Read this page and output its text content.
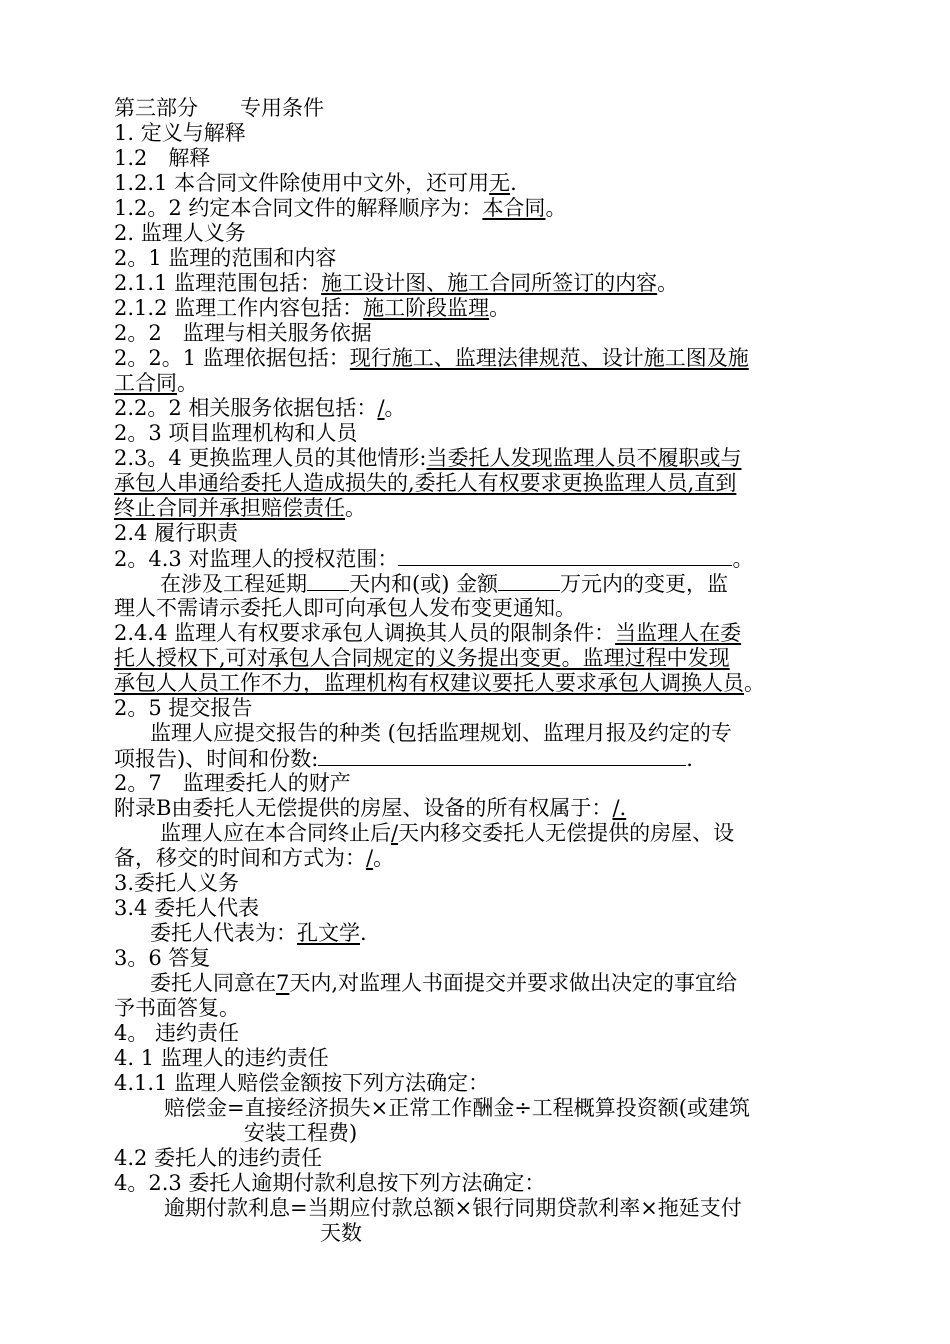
第三部分　　专用条件
1. 定义与解释
1.2　解释
1.2.1 本合同文件除使用中文外，还可用无.
1.2。2 约定本合同文件的解释顺序为：本合同。
2. 监理人义务
2。1 监理的范围和内容
2.1.1 监理范围包括：施工设计图、施工合同所签订的内容。
2.1.2 监理工作内容包括：施工阶段监理。
2。2　监理与相关服务依据
2。2。1 监理依据包括：现行施工、监理法律规范、设计施工图及施
工合同。
2.2。2 相关服务依据包括：/。
2。3 项目监理机构和人员
2.3。4 更换监理人员的其他情形:当委托人发现监理人员不履职或与
承包人串通给委托人造成损失的,委托人有权要求更换监理人员,直到
终止合同并承担赔偿责任。
2.4 履行职责
2。4.3 对监理人的授权范围：	。
在涉及工程延期 天内和(或) 金额	万元内的变更，监
理人不需请示委托人即可向承包人发布变更通知。
2.4.4 监理人有权要求承包人调换其人员的限制条件：当监理人在委
托人授权下,可对承包人合同规定的义务提出变更。监理过程中发现
承包人人员工作不力，监理机构有权建议要托人要求承包人调换人员。
2。5 提交报告
监理人应提交报告的种类 (包括监理规划、监理月报及约定的专
项报告)、时间和份数:	.
2。7　监理委托人的财产
附录B由委托人无偿提供的房屋、设备的所有权属于：/.
监理人应在本合同终止后/天内移交委托人无偿提供的房屋、设
备，移交的时间和方式为：/。
3.委托人义务
3.4 委托人代表
委托人代表为：孔文学.
3。6 答复
委托人同意在7天内,对监理人书面提交并要求做出决定的事宜给
予书面答复。
4。 违约责任
4. 1 监理人的违约责任
4.1.1 监理人赔偿金额按下列方法确定：
赔偿金=直接经济损失×正常工作酬金÷工程概算投资额(或建筑
安装工程费)
4.2 委托人的违约责任
4。2.3 委托人逾期付款利息按下列方法确定：
逾期付款利息=当期应付款总额×银行同期贷款利率×拖延支付
天数
